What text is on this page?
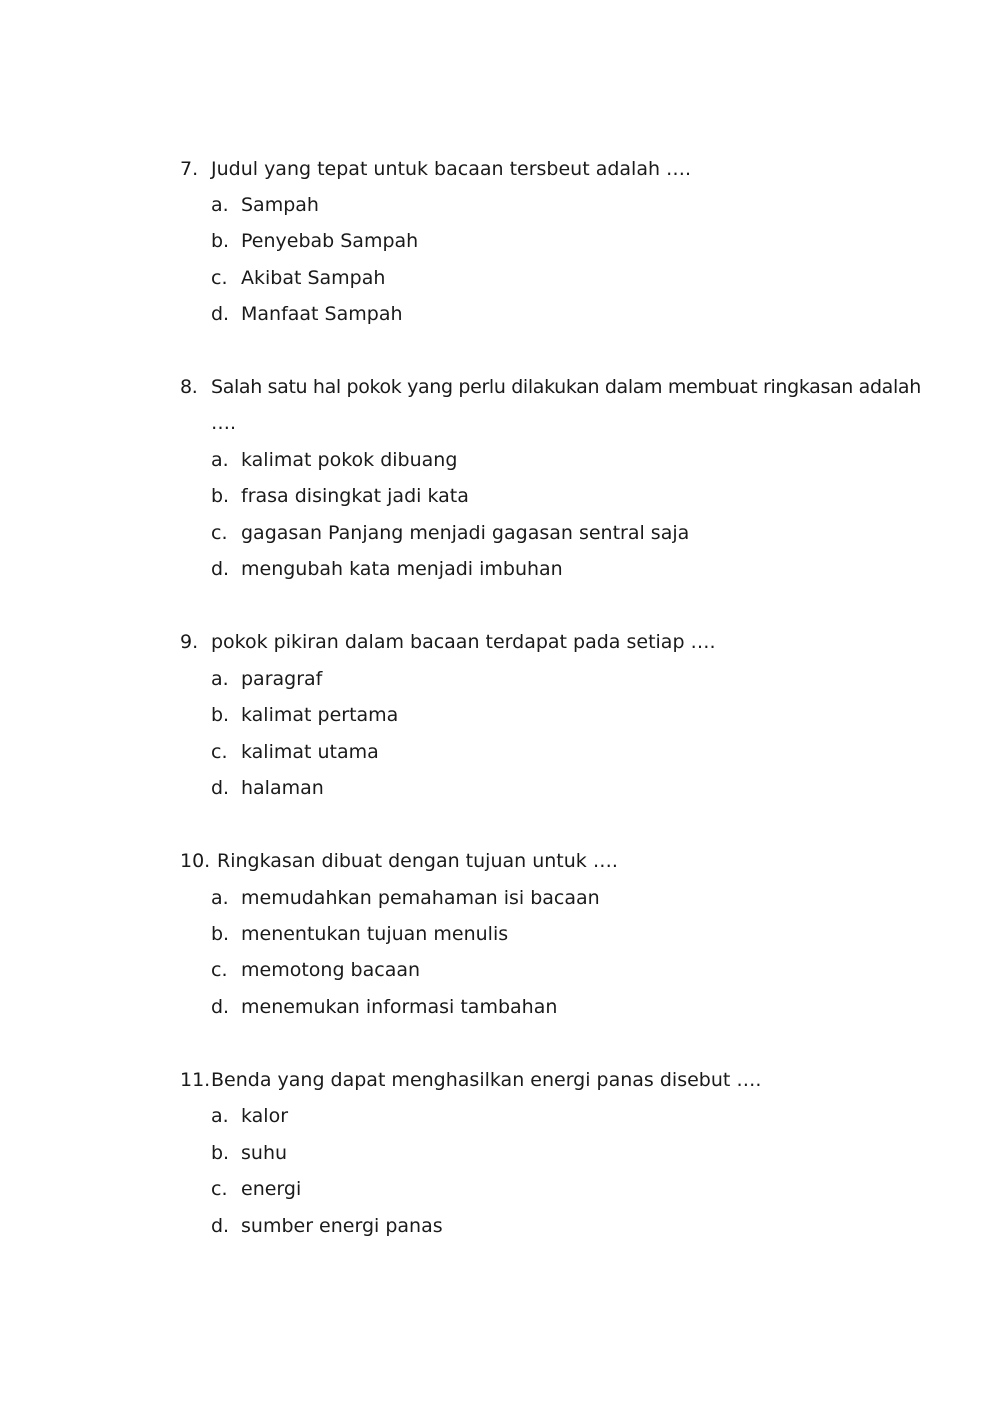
7. Judul yang tepat untuk bacaan tersbeut adalah ….
a. Sampah
b. Penyebab Sampah
c. Akibat Sampah
d. Manfaat Sampah
8. Salah satu hal pokok yang perlu dilakukan dalam membuat ringkasan adalah
….
a. kalimat pokok dibuang
b. frasa disingkat jadi kata
c. gagasan Panjang menjadi gagasan sentral saja
d. mengubah kata menjadi imbuhan
9. pokok pikiran dalam bacaan terdapat pada setiap ….
a. paragraf
b. kalimat pertama
c. kalimat utama
d. halaman
10. Ringkasan dibuat dengan tujuan untuk ….
a. memudahkan pemahaman isi bacaan
b. menentukan tujuan menulis
c. memotong bacaan
d. menemukan informasi tambahan
11.Benda yang dapat menghasilkan energi panas disebut ….
a. kalor
b. suhu
c. energi
d. sumber energi panas
